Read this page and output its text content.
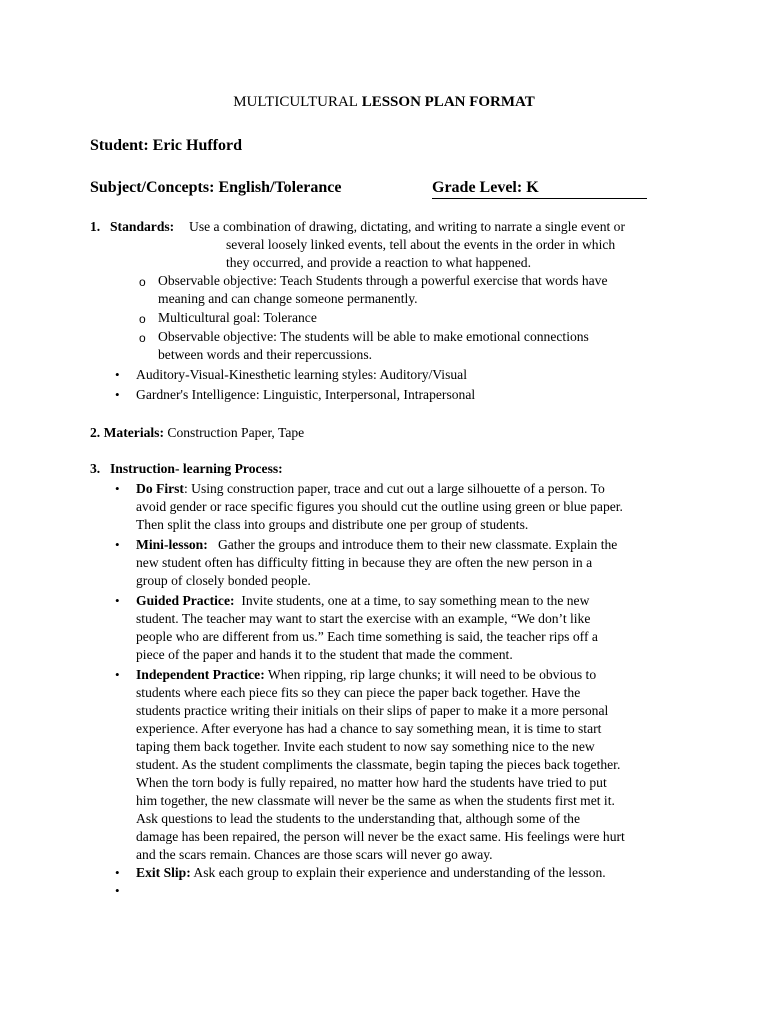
MULTICULTURAL LESSON PLAN FORMAT
Student: Eric Hufford
Subject/Concepts: English/Tolerance	Grade Level: K
1. Standards: Use a combination of drawing, dictating, and writing to narrate a single event or
several loosely linked events, tell about the events in the order in which
they occurred, and provide a reaction to what happened.
o Observable objective: Teach Students through a powerful exercise that words have
meaning and can change someone permanently.
o Multicultural goal: Tolerance
o Observable objective: The students will be able to make emotional connections
between words and their repercussions.
• Auditory-Visual-Kinesthetic learning styles: Auditory/Visual
• Gardner's Intelligence: Linguistic, Interpersonal, Intrapersonal
2. Materials: Construction Paper, Tape
3. Instruction- learning Process:
• Do First: Using construction paper, trace and cut out a large silhouette of a person. To
avoid gender or race specific figures you should cut the outline using green or blue paper.
Then split the class into groups and distribute one per group of students.
• Mini-lesson:   Gather the groups and introduce them to their new classmate. Explain the
new student often has difficulty fitting in because they are often the new person in a
group of closely bonded people.
• Guided Practice:  Invite students, one at a time, to say something mean to the new
student. The teacher may want to start the exercise with an example, “We don’t like
people who are different from us.” Each time something is said, the teacher rips off a
piece of the paper and hands it to the student that made the comment.
• Independent Practice: When ripping, rip large chunks; it will need to be obvious to
students where each piece fits so they can piece the paper back together. Have the
students practice writing their initials on their slips of paper to make it a more personal
experience. After everyone has had a chance to say something mean, it is time to start
taping them back together. Invite each student to now say something nice to the new
student. As the student compliments the classmate, begin taping the pieces back together.
When the torn body is fully repaired, no matter how hard the students have tried to put
him together, the new classmate will never be the same as when the students first met it.
Ask questions to lead the students to the understanding that, although some of the
damage has been repaired, the person will never be the exact same. His feelings were hurt
and the scars remain. Chances are those scars will never go away.
• Exit Slip: Ask each group to explain their experience and understanding of the lesson.
•
